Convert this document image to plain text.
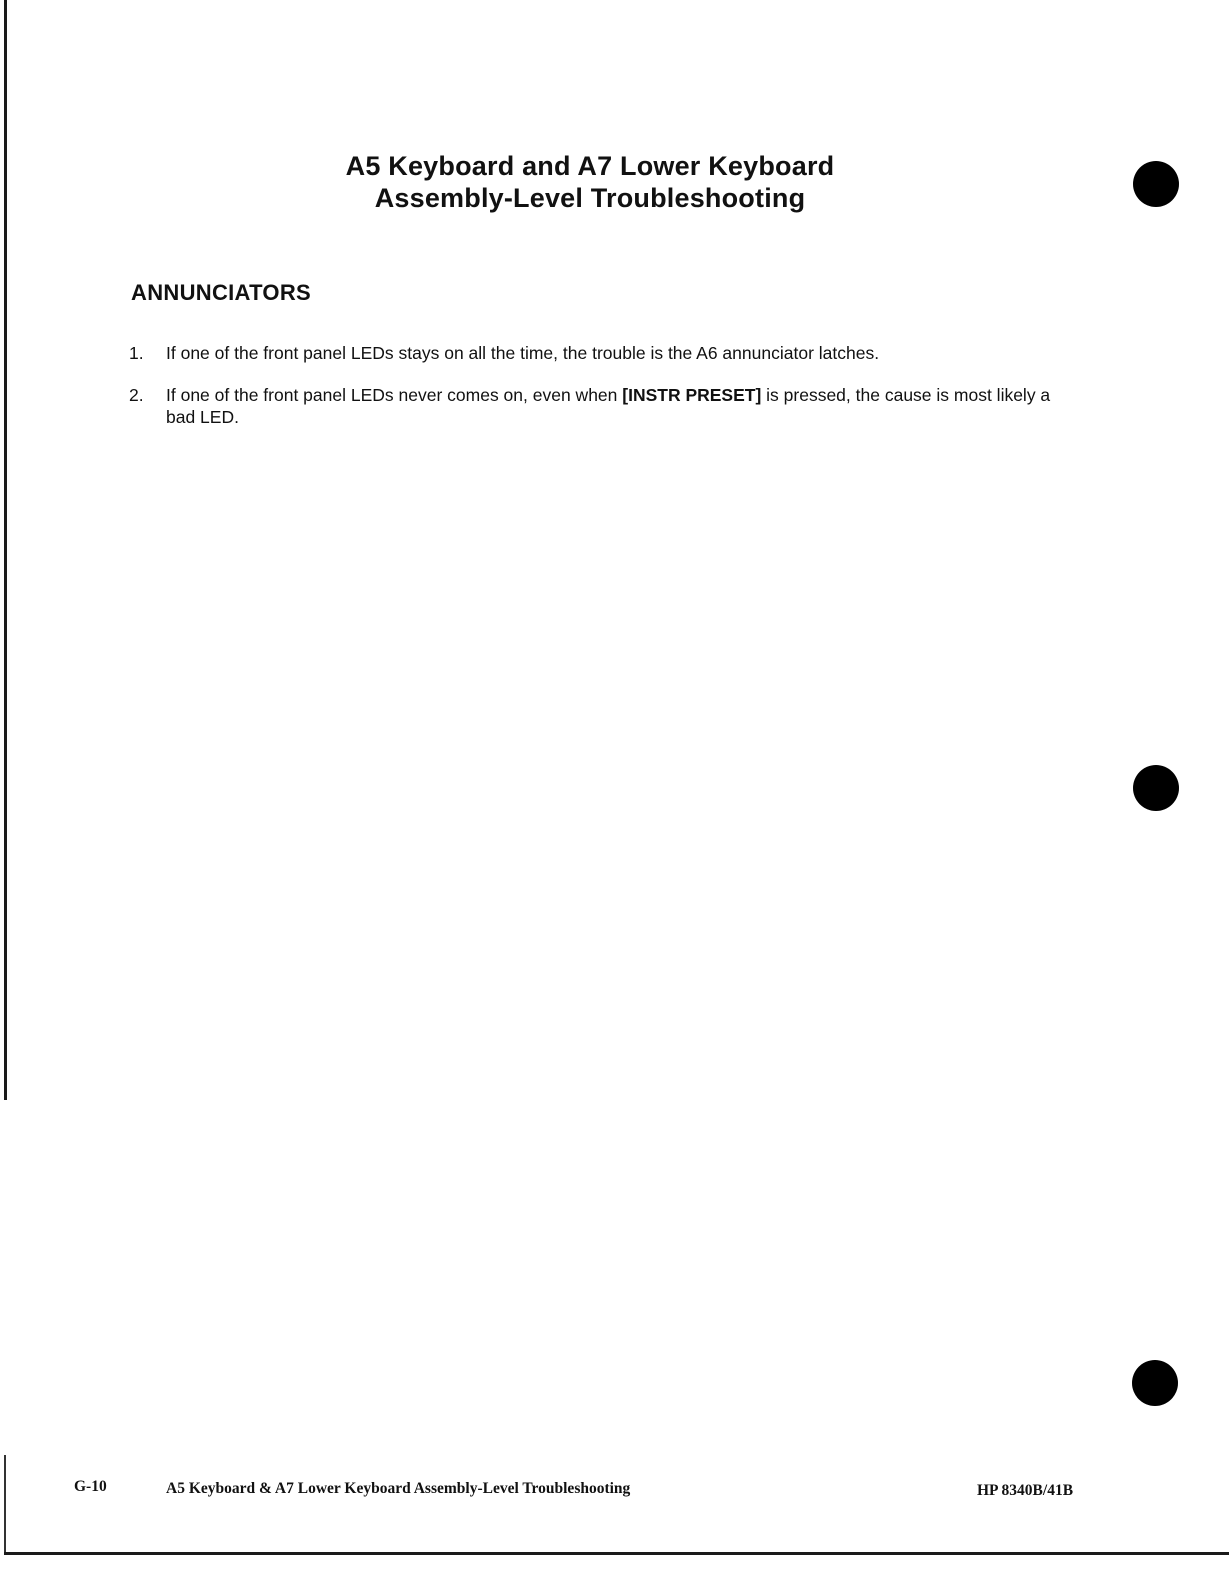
A5 Keyboard and A7 Lower Keyboard
Assembly-Level Troubleshooting
ANNUNCIATORS
1. If one of the front panel LEDs stays on all the time, the trouble is the A6 annunciator latches.
2. If one of the front panel LEDs never comes on, even when [INSTR PRESET] is pressed, the cause is most likely a bad LED.
G-10	A5 Keyboard & A7 Lower Keyboard Assembly-Level Troubleshooting	HP 8340B/41B
